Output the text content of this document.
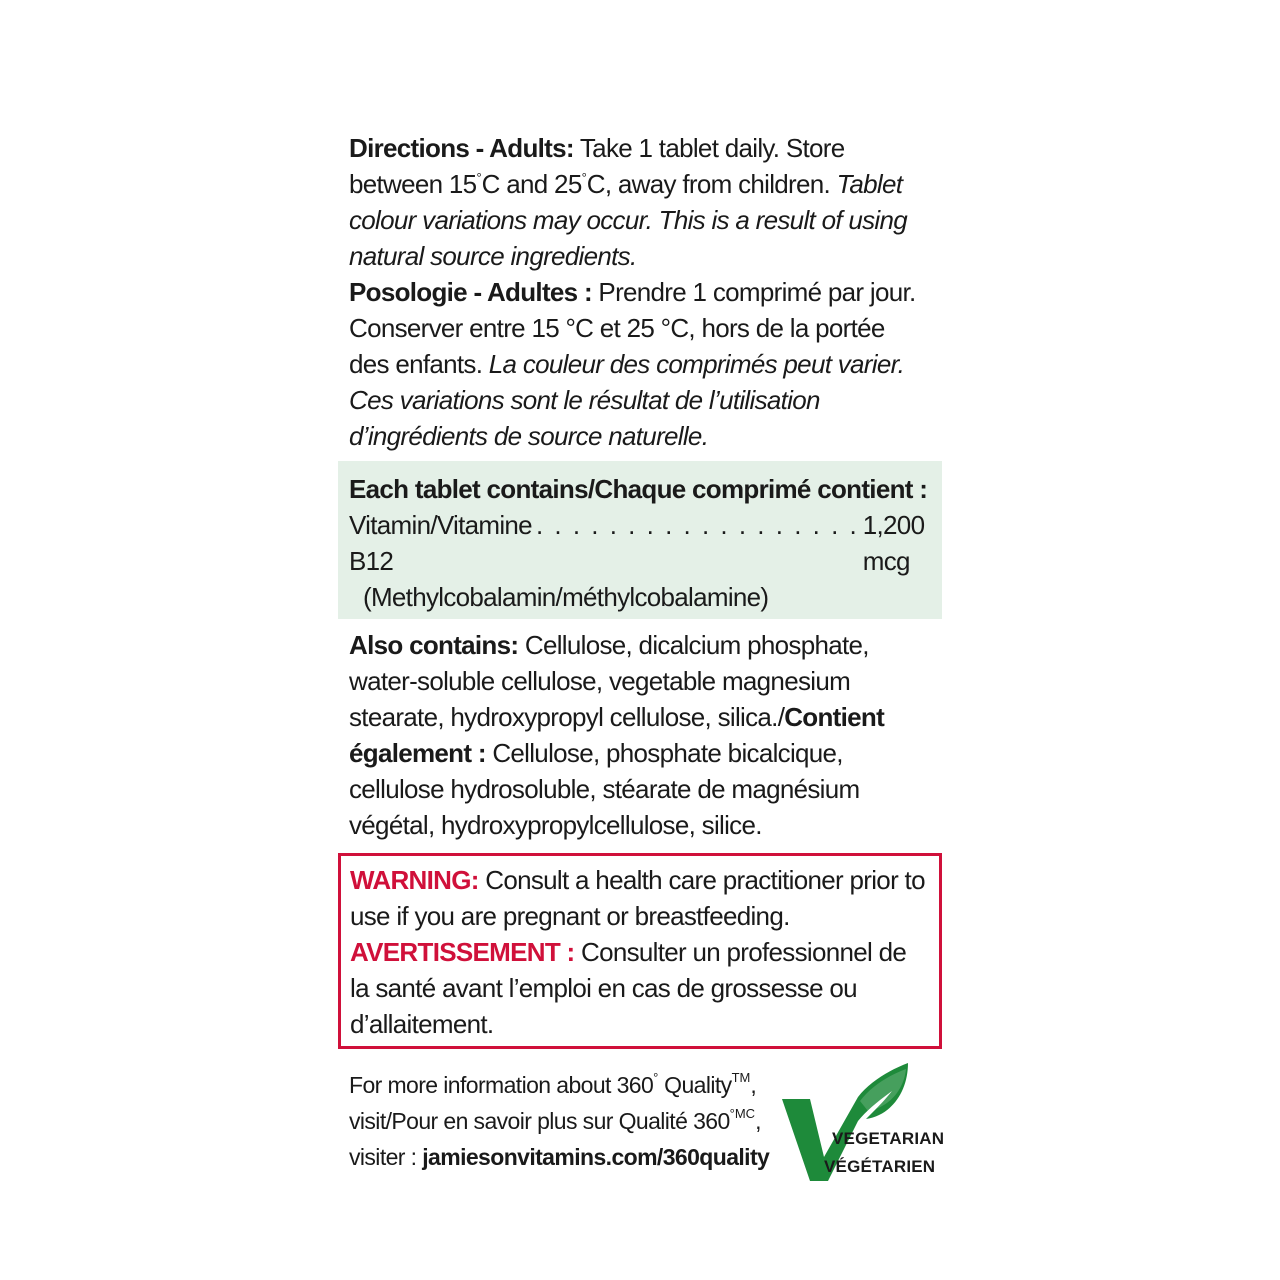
Directions - Adults: Take 1 tablet daily. Store between 15°C and 25°C, away from children. Tablet colour variations may occur. This is a result of using natural source ingredients.
Posologie - Adultes : Prendre 1 comprimé par jour. Conserver entre 15 °C et 25 °C, hors de la portée des enfants. La couleur des comprimés peut varier. Ces variations sont le résultat de l’utilisation d’ingrédients de source naturelle.
Each tablet contains/Chaque comprimé contient :
Vitamin/Vitamine B12
. . . . . . . . . . . . . . . . . . 1,200 mcg
(Methylcobalamin/méthylcobalamine)
Also contains: Cellulose, dicalcium phosphate, water-soluble cellulose, vegetable magnesium stearate, hydroxypropyl cellulose, silica./Contient également : Cellulose, phosphate bicalcique, cellulose hydrosoluble, stéarate de magnésium végétal, hydroxypropylcellulose, silice.
WARNING: Consult a health care practitioner prior to use if you are pregnant or breastfeeding.
AVERTISSEMENT : Consulter un professionnel de la santé avant l’emploi en cas de grossesse ou d’allaitement.
For more information about 360° Quality™,
visit/Pour en savoir plus sur Qualité $360^{^\circ MC}$,
visiter : jamiesonvitamins.com/360quality
VEGETARIAN
VÉGÉTARIEN
